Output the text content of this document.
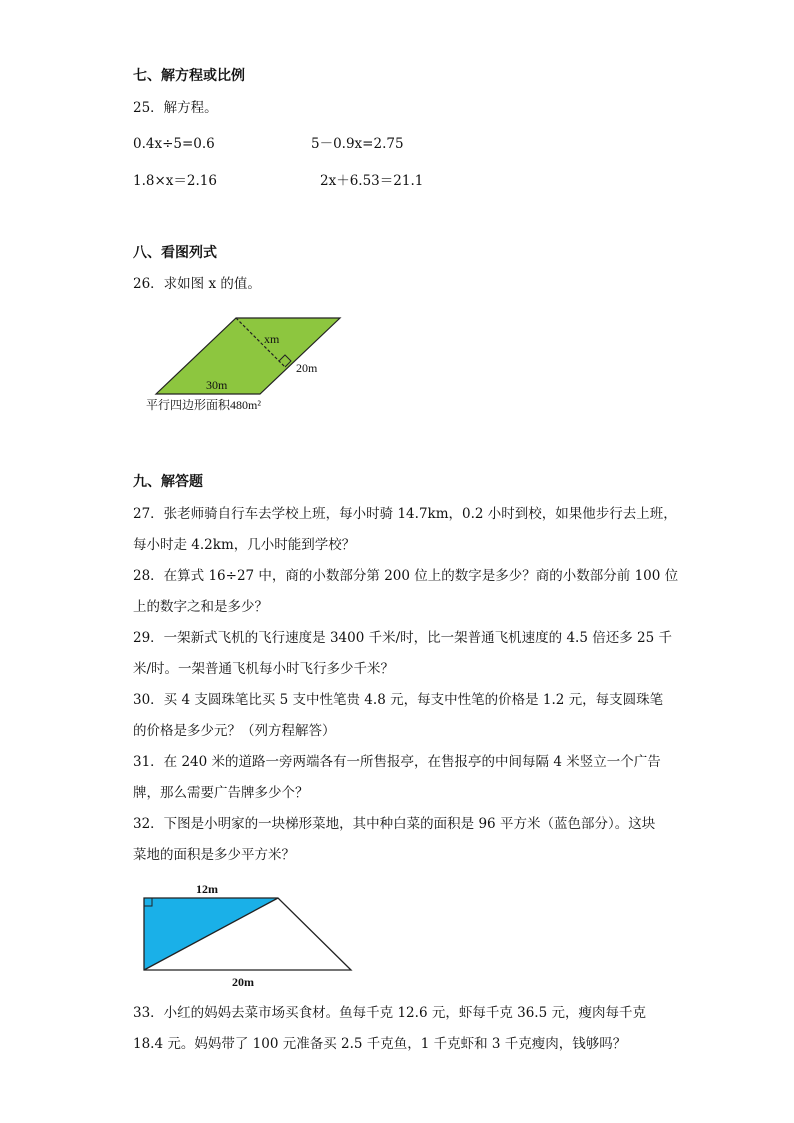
七、解方程或比例
25．解方程。
0.4x÷5=0.6	5－0.9x=2.75
1.8×x＝2.16	2x＋6.53＝21.1
八、看图列式
26．求如图 x 的值。
xm
20m
30m
平行四边形面积480m²
九、解答题
27．张老师骑自行车去学校上班，每小时骑 14.7km，0.2 小时到校，如果他步行去上班，
每小时走 4.2km，几小时能到学校？
28．在算式 16÷27 中，商的小数部分第 200 位上的数字是多少？商的小数部分前 100 位
上的数字之和是多少？
29．一架新式飞机的飞行速度是 3400 千米/时，比一架普通飞机速度的 4.5 倍还多 25 千
米/时。一架普通飞机每小时飞行多少千米？
30．买 4 支圆珠笔比买 5 支中性笔贵 4.8 元，每支中性笔的价格是 1.2 元，每支圆珠笔
的价格是多少元？（列方程解答）
31．在 240 米的道路一旁两端各有一所售报亭，在售报亭的中间每隔 4 米竖立一个广告
牌，那么需要广告牌多少个？
32．下图是小明家的一块梯形菜地，其中种白菜的面积是 96 平方米（蓝色部分）。这块
菜地的面积是多少平方米？
12m
20m
33．小红的妈妈去菜市场买食材。鱼每千克 12.6 元，虾每千克 36.5 元，瘦肉每千克
18.4 元。妈妈带了 100 元准备买 2.5 千克鱼，1 千克虾和 3 千克瘦肉，钱够吗？
